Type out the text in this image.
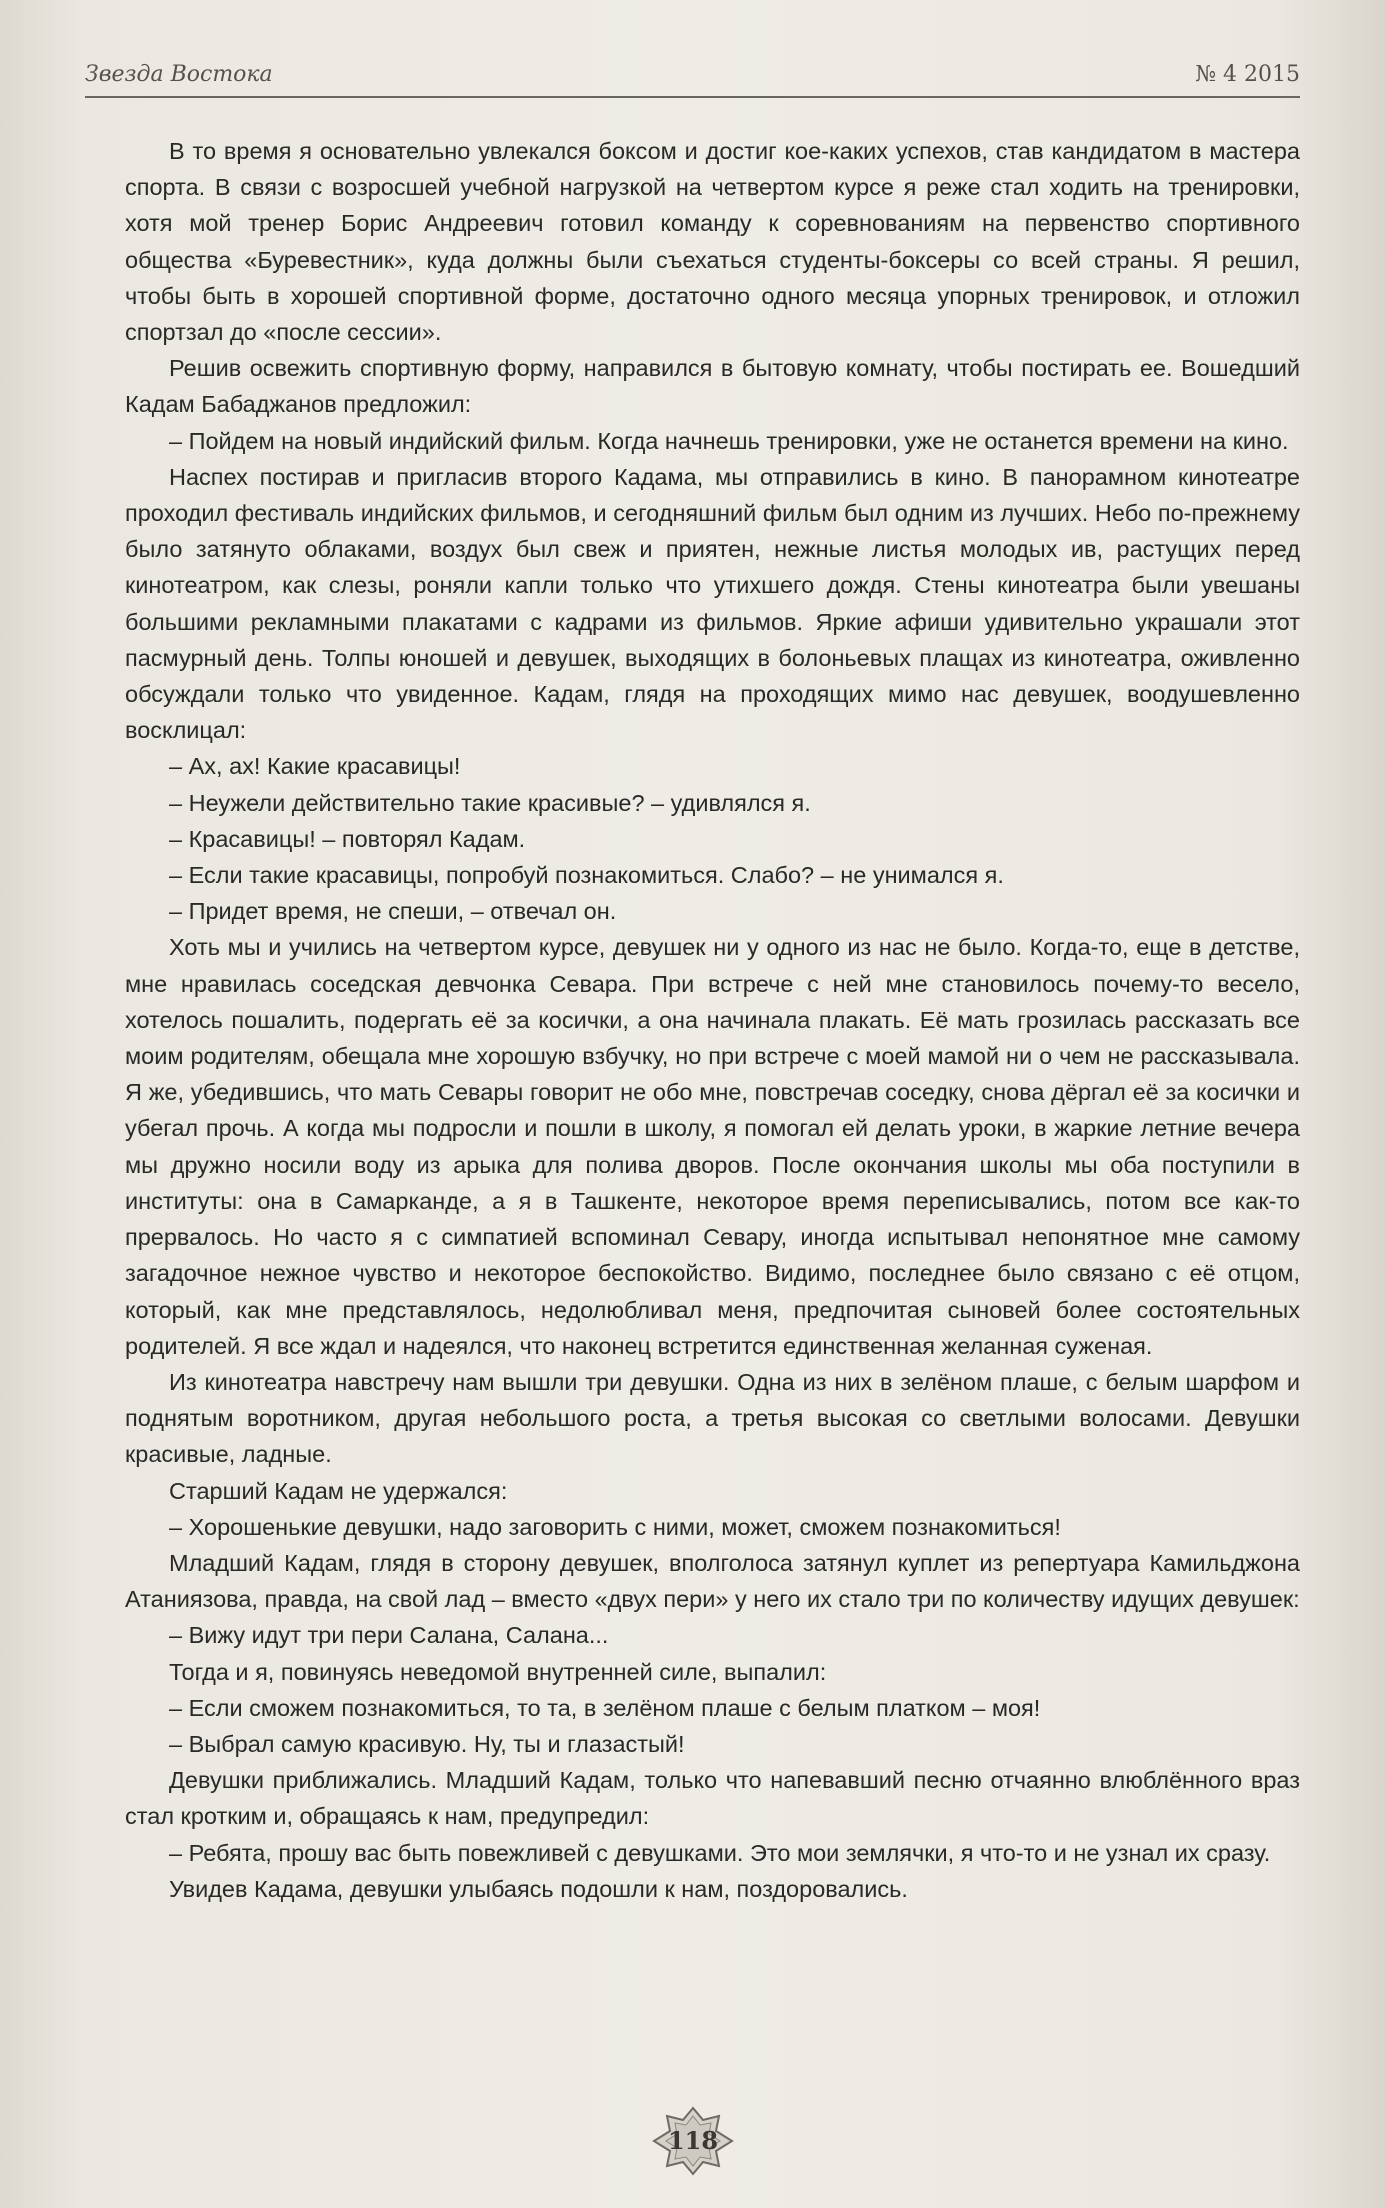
Звезда Востока	№ 4 2015

В то время я основательно увлекался боксом и достиг кое-каких успехов, став кандидатом в мастера спорта. В связи с возросшей учебной нагрузкой на четвертом курсе я реже стал ходить на тренировки, хотя мой тренер Борис Андреевич готовил команду к соревнованиям на первенство спортивного общества «Буревестник», куда должны были съехаться студенты-боксеры со всей страны. Я решил, чтобы быть в хорошей спортивной форме, достаточно одного месяца упорных тренировок, и отложил спортзал до «после сессии».

Решив освежить спортивную форму, направился в бытовую комнату, чтобы постирать ее. Вошедший Кадам Бабаджанов предложил:

– Пойдем на новый индийский фильм. Когда начнешь тренировки, уже не останется времени на кино.

Наспех постирав и пригласив второго Кадама, мы отправились в кино. В панорамном кинотеатре проходил фестиваль индийских фильмов, и сегодняшний фильм был одним из лучших. Небо по-прежнему было затянуто облаками, воздух был свеж и приятен, нежные листья молодых ив, растущих перед кинотеатром, как слезы, роняли капли только что утихшего дождя. Стены кинотеатра были увешаны большими рекламными плакатами с кадрами из фильмов. Яркие афиши удивительно украшали этот пасмурный день. Толпы юношей и девушек, выходящих в болоньевых плащах из кинотеатра, оживленно обсуждали только что увиденное. Кадам, глядя на проходящих мимо нас девушек, воодушевленно восклицал:

– Ах, ах! Какие красавицы!

– Неужели действительно такие красивые? – удивлялся я.

– Красавицы! – повторял Кадам.

– Если такие красавицы, попробуй познакомиться. Слабо? – не унимался я.

– Придет время, не спеши, – отвечал он.

Хоть мы и учились на четвертом курсе, девушек ни у одного из нас не было. Когда-то, еще в детстве, мне нравилась соседская девчонка Севара. При встрече с ней мне становилось почему-то весело, хотелось пошалить, подергать её за косички, а она начинала плакать. Её мать грозилась рассказать все моим родителям, обещала мне хорошую взбучку, но при встрече с моей мамой ни о чем не рассказывала. Я же, убедившись, что мать Севары говорит не обо мне, повстречав соседку, снова дёргал её за косички и убегал прочь. А когда мы подросли и пошли в школу, я помогал ей делать уроки, в жаркие летние вечера мы дружно носили воду из арыка для полива дворов. После окончания школы мы оба поступили в институты: она в Самарканде, а я в Ташкенте, некоторое время переписывались, потом все как-то прервалось. Но часто я с симпатией вспоминал Севару, иногда испытывал непонятное мне самому загадочное нежное чувство и некоторое беспокойство. Видимо, последнее было связано с её отцом, который, как мне представлялось, недолюбливал меня, предпочитая сыновей более состоятельных родителей. Я все ждал и надеялся, что наконец встретится единственная желанная суженая.

Из кинотеатра навстречу нам вышли три девушки. Одна из них в зелёном плаше, с белым шарфом и поднятым воротником, другая небольшого роста, а третья высокая со светлыми волосами. Девушки красивые, ладные.

Старший Кадам не удержался:

– Хорошенькие девушки, надо заговорить с ними, может, сможем познакомиться!

Младший Кадам, глядя в сторону девушек, вполголоса затянул куплет из репертуара Камильджона Атаниязова, правда, на свой лад – вместо «двух пери» у него их стало три по количеству идущих девушек:

– Вижу идут три пери Салана, Салана...

Тогда и я, повинуясь неведомой внутренней силе, выпалил:

– Если сможем познакомиться, то та, в зелёном плаше с белым платком – моя!

– Выбрал самую красивую. Ну, ты и глазастый!

Девушки приближались. Младший Кадам, только что напевавший песню отчаянно влюблённого враз стал кротким и, обращаясь к нам, предупредил:

– Ребята, прошу вас быть повежливей с девушками. Это мои землячки, я что-то и не узнал их сразу.

Увидев Кадама, девушки улыбаясь подошли к нам, поздоровались.

118
